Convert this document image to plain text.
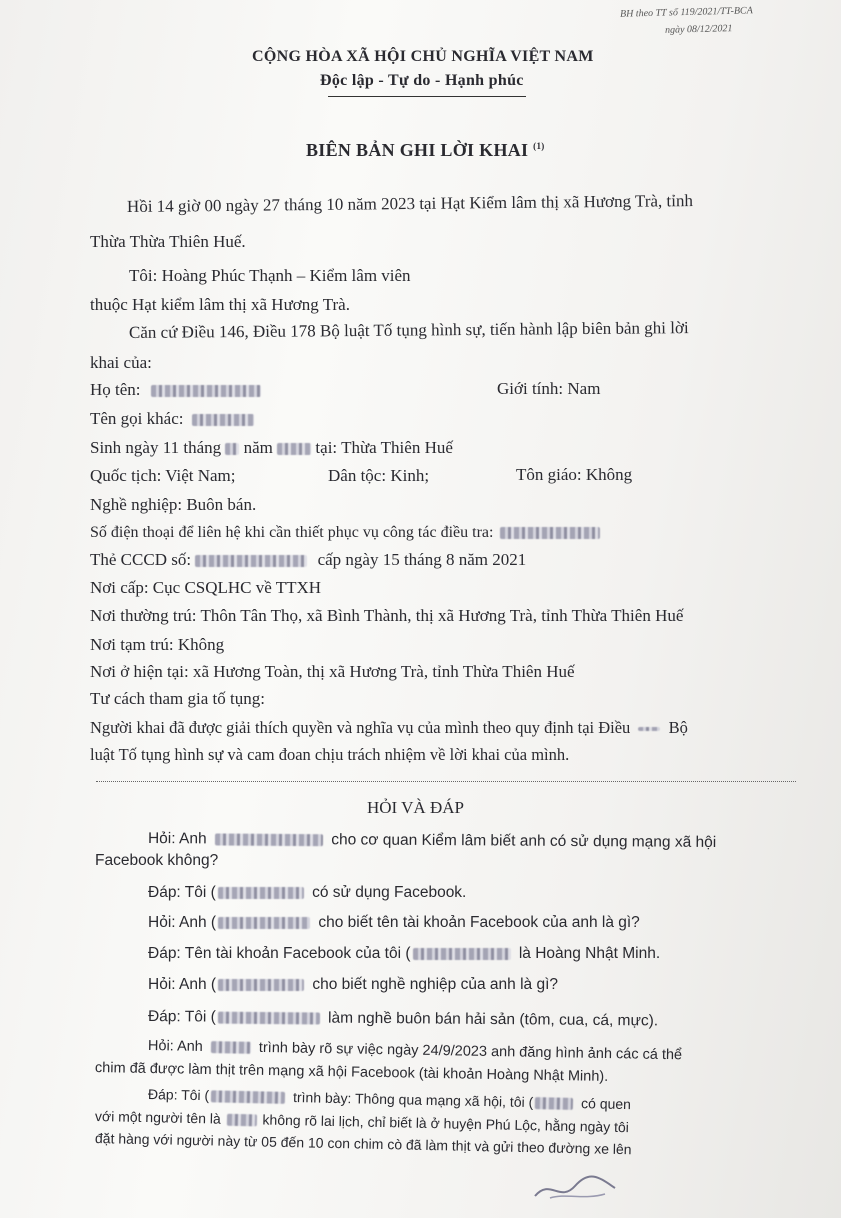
BH theo TT số 119/2021/TT-BCA
ngày 08/12/2021
CỘNG HÒA XÃ HỘI CHỦ NGHĨA VIỆT NAM
Độc lập - Tự do - Hạnh phúc
BIÊN BẢN GHI LỜI KHAI $^{(1)}$
Hồi 14 giờ 00 ngày 27 tháng 10 năm 2023 tại Hạt Kiểm lâm thị xã Hương Trà, tỉnh
Thừa Thừa Thiên Huế.
Tôi: Hoàng Phúc Thạnh – Kiểm lâm viên
thuộc Hạt kiểm lâm thị xã Hương Trà.
Căn cứ Điều 146, Điều 178 Bộ luật Tố tụng hình sự, tiến hành lập biên bản ghi lời
khai của:
Họ tên:	Giới tính: Nam
Tên gọi khác:
Sinh ngày 11 tháng năm	tại: Thừa Thiên Huế
Quốc tịch: Việt Nam;	Dân tộc: Kinh;	Tôn giáo: Không
Nghề nghiệp: Buôn bán.
Số điện thoại để liên hệ khi cần thiết phục vụ công tác điều tra:
Thẻ CCCD số:	cấp ngày 15 tháng 8 năm 2021
Nơi cấp: Cục CSQLHC về TTXH
Nơi thường trú: Thôn Tân Thọ, xã Bình Thành, thị xã Hương Trà, tỉnh Thừa Thiên Huế
Nơi tạm trú: Không
Nơi ở hiện tại: xã Hương Toàn, thị xã Hương Trà, tỉnh Thừa Thiên Huế
Tư cách tham gia tố tụng:
Người khai đã được giải thích quyền và nghĩa vụ của mình theo quy định tại Điều Bộ
luật Tố tụng hình sự và cam đoan chịu trách nhiệm về lời khai của mình.
HỎI VÀ ĐÁP
Hỏi: Anh	cho cơ quan Kiểm lâm biết anh có sử dụng mạng xã hội
Facebook không?
Đáp: Tôi (	có sử dụng Facebook.
Hỏi: Anh (	cho biết tên tài khoản Facebook của anh là gì?
Đáp: Tên tài khoản Facebook của tôi (	là Hoàng Nhật Minh.
Hỏi: Anh (	cho biết nghề nghiệp của anh là gì?
Đáp: Tôi (	làm nghề buôn bán hải sản (tôm, cua, cá, mực).
Hỏi: Anh	trình bày rõ sự việc ngày 24/9/2023 anh đăng hình ảnh các cá thể
chim đã được làm thịt trên mạng xã hội Facebook (tài khoản Hoàng Nhật Minh).
Đáp: Tôi (	trình bày: Thông qua mạng xã hội, tôi (	có quen
với một người tên là	không rõ lai lịch, chỉ biết là ở huyện Phú Lộc, hằng ngày tôi
đặt hàng với người này từ 05 đến 10 con chim cò đã làm thịt và gửi theo đường xe lên
